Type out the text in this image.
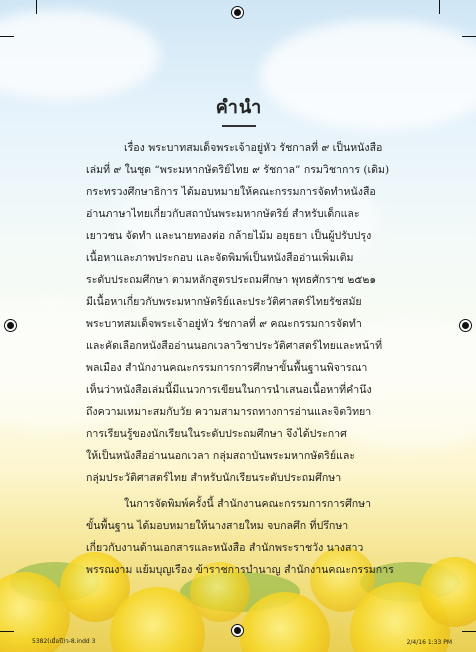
คำนำ
เรื่อง พระบาทสมเด็จพระเจ้าอยู่หัว รัชกาลที่ ๙ เป็นหนังสือ
เล่มที่ ๙ ในชุด “พระมหากษัตริย์ไทย ๙ รัชกาล” กรมวิชาการ (เดิม)
กระทรวงศึกษาธิการ ได้มอบหมายให้คณะกรรมการจัดทำหนังสือ
อ่านภาษาไทยเกี่ยวกับสถาบันพระมหากษัตริย์ สำหรับเด็กและ
เยาวชน จัดทำ และนายทองต่อ กล้ายไม้ม อยุธยา เป็นผู้ปรับปรุง
เนื้อหาและภาพประกอบ และจัดพิมพ์เป็นหนังสืออ่านเพิ่มเติม
ระดับประถมศึกษา ตามหลักสูตรประถมศึกษา พุทธศักราช ๒๕๒๑
มีเนื้อหาเกี่ยวกับพระมหากษัตริย์และประวัติศาสตร์ไทยรัชสมัย
พระบาทสมเด็จพระเจ้าอยู่หัว รัชกาลที่ ๙ คณะกรรมการจัดทำ
และคัดเลือกหนังสืออ่านนอกเวลาวิชาประวัติศาสตร์ไทยและหน้าที่
พลเมือง สำนักงานคณะกรรมการการศึกษาขั้นพื้นฐานพิจารณา
เห็นว่าหนังสือเล่มนี้มีแนวการเขียนในการนำเสนอเนื้อหาที่คำนึง
ถึงความเหมาะสมกับวัย ความสามารถทางการอ่านและจิตวิทยา
การเรียนรู้ของนักเรียนในระดับประถมศึกษา จึงได้ประกาศ
ให้เป็นหนังสืออ่านนอกเวลา กลุ่มสถาบันพระมหากษัตริย์และ
กลุ่มประวัติศาสตร์ไทย สำหรับนักเรียนระดับประถมศึกษา
ในการจัดพิมพ์ครั้งนี้ สำนักงานคณะกรรมการการศึกษา
ขั้นพื้นฐาน ได้มอบหมายให้นางสายใหม จบกลศึก ที่ปรึกษา
เกี่ยวกับงานด้านเอกสารและหนังสือ สำนักพระราชวัง นางสาว
พรรณงาม แย้มบุญเรือง ข้าราชการบำนาญ สำนักงานคณะกรรมการ
5382(เมื่อปี)ว-8.indd 3	2/4/16 1:33 PM
